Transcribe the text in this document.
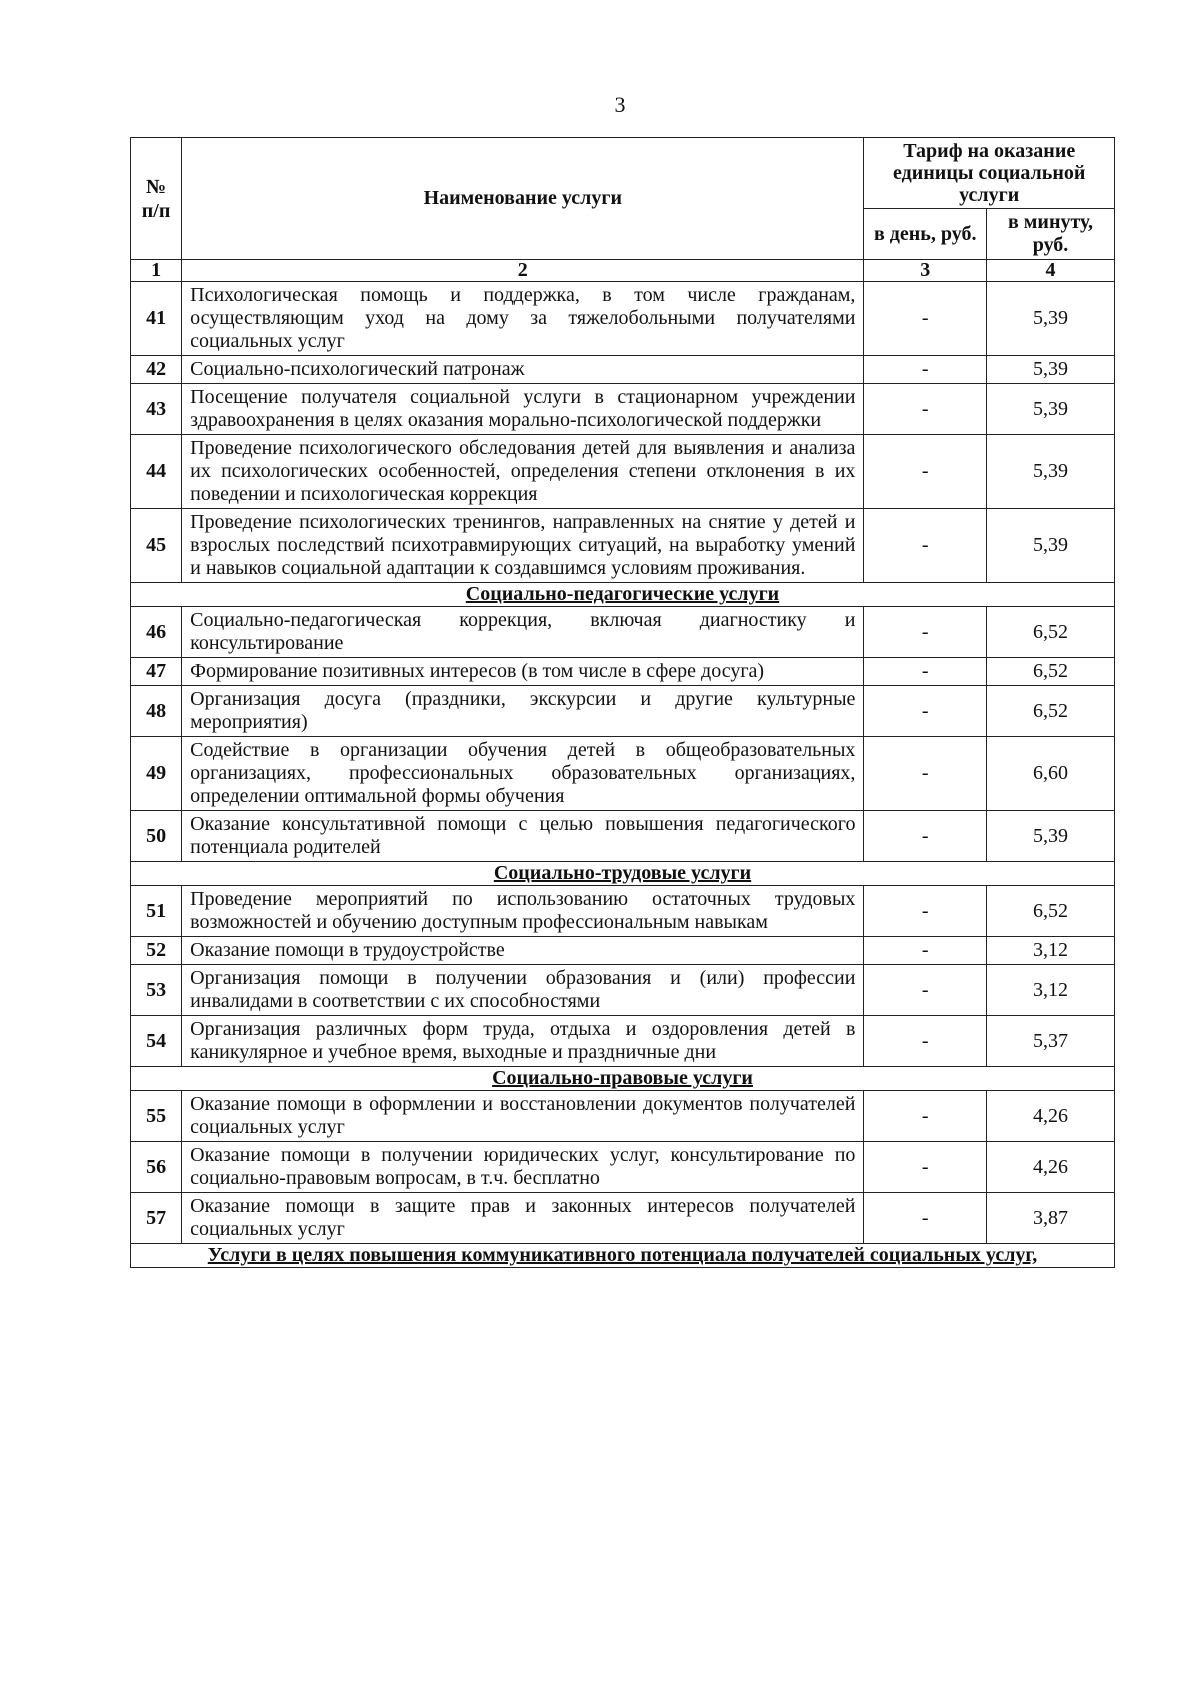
3
№
п/п	Наименование услуги	Тариф на оказание единицы социальной услуги	
		в день, руб.	в минуту, руб.
1	2	3	4
41	Психологическая помощь и поддержка, в том числе гражданам, осуществляющим уход на дому за тяжелобольными получателями социальных услуг	-	5,39
42	Социально-психологический патронаж	-	5,39
43	Посещение получателя социальной услуги в стационарном учреждении здравоохранения в целях оказания морально-психологической поддержки	-	5,39
44	Проведение психологического обследования детей для выявления и анализа их психологических особенностей, определения степени отклонения в их поведении и психологическая коррекция	-	5,39
45	Проведение психологических тренингов, направленных на снятие у детей и взрослых последствий психотравмирующих ситуаций, на выработку умений и навыков социальной адаптации к создавшимся условиям проживания.	-	5,39
Социально-педагогические услуги			
46	Социально-педагогическая коррекция, включая диагностику и консультирование	-	6,52
47	Формирование позитивных интересов (в том числе в сфере досуга)	-	6,52
48	Организация досуга (праздники, экскурсии и другие культурные мероприятия)	-	6,52
49	Содействие в организации обучения детей в общеобразовательных организациях, профессиональных образовательных организациях, определении оптимальной формы обучения	-	6,60
50	Оказание консультативной помощи с целью повышения педагогического потенциала родителей	-	5,39
Социально-трудовые услуги			
51	Проведение мероприятий по использованию остаточных трудовых возможностей и обучению доступным профессиональным навыкам	-	6,52
52	Оказание помощи в трудоустройстве	-	3,12
53	Организация помощи в получении образования и (или) профессии инвалидами в соответствии с их способностями	-	3,12
54	Организация различных форм труда, отдыха и оздоровления детей в каникулярное и учебное время, выходные и праздничные дни	-	5,37
Социально-правовые услуги			
55	Оказание помощи в оформлении и восстановлении документов получателей социальных услуг	-	4,26
56	Оказание помощи в получении юридических услуг, консультирование по социально-правовым вопросам, в т.ч. бесплатно	-	4,26
57	Оказание помощи в защите прав и законных интересов получателей социальных услуг	-	3,87
Услуги в целях повышения коммуникативного потенциала получателей социальных услуг,			
